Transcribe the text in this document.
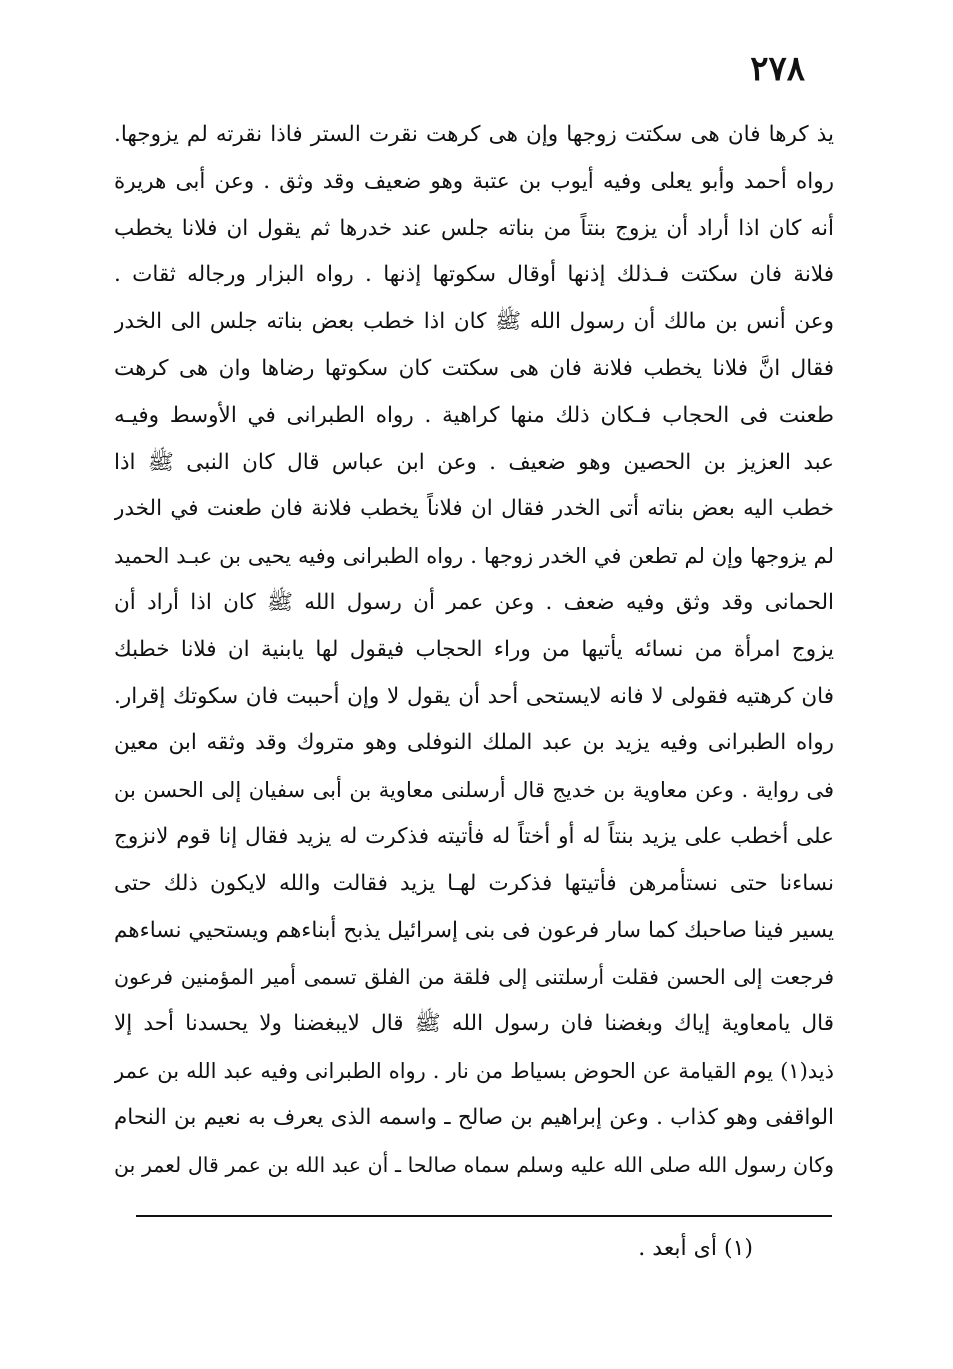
٢٧٨
يذ كرها فان هى سكتت زوجها وإن هى كرهت نقرت الستر فاذا نقرته لم يزوجها.
رواه أحمد وأبو يعلى وفيه أيوب بن عتبة وهو ضعيف وقد وثق . وعن أبى هريرة
أنه كان اذا أراد أن يزوج بنتاً من بناته جلس عند خدرها ثم يقول ان فلانا يخطب
فلانة فان سكتت فـذلك إذنها أوقال سكوتها إذنها . رواه البزار ورجاله ثقات .
وعن أنس بن مالك أن رسول الله ﷺ كان اذا خطب بعض بناته جلس الى الخدر
فقال انَّ فلانا يخطب فلانة فان هى سكتت كان سكوتها رضاها وان هى كرهت
طعنت فى الحجاب فـكان ذلك منها كراهية . رواه الطبرانى في الأوسط وفيـه
عبد العزيز بن الحصين وهو ضعيف . وعن ابن عباس قال كان النبى ﷺ اذا
خطب اليه بعض بناته أتى الخدر فقال ان فلاناً يخطب فلانة فان طعنت في الخدر
لم يزوجها وإن لم تطعن في الخدر زوجها . رواه الطبرانى وفيه يحيى بن عبـد الحميد
الحمانى وقد وثق وفيه ضعف . وعن عمر أن رسول الله ﷺ كان اذا أراد أن
يزوج امرأة من نسائه يأتيها من وراء الحجاب فيقول لها يابنية ان فلانا خطبك
فان كرهتيه فقولى لا فانه لايستحى أحد أن يقول لا وإن أحببت فان سكوتك إقرار.
رواه الطبرانى وفيه يزيد بن عبد الملك النوفلى وهو متروك وقد وثقه ابن معين
فى رواية . وعن معاوية بن خديج قال أرسلنى معاوية بن أبى سفيان إلى الحسن بن
على أخطب على يزيد بنتاً له أو أختاً له فأتيته فذكرت له يزيد فقال إنا قوم لانزوج
نساءنا حتى نستأمرهن فأتيتها فذكرت لهـا يزيد فقالت والله لايكون ذلك حتى
يسير فينا صاحبك كما سار فرعون فى بنى إسرائيل يذبح أبناءهم ويستحيي نساءهم
فرجعت إلى الحسن فقلت أرسلتنى إلى فلقة من الفلق تسمى أمير المؤمنين فرعون
قال يامعاوية إياك وبغضنا فان رسول الله ﷺ قال لايبغضنا ولا يحسدنا أحد إلا
ذيد(١) يوم القيامة عن الحوض بسياط من نار . رواه الطبرانى وفيه عبد الله بن عمر
الواقفى وهو كذاب . وعن إبراهيم بن صالح ـ واسمه الذى يعرف به نعيم بن النحام
وكان رسول الله صلى الله عليه وسلم سماه صالحا ـ أن عبد الله بن عمر قال لعمر بن
(١) أى أبعد .
